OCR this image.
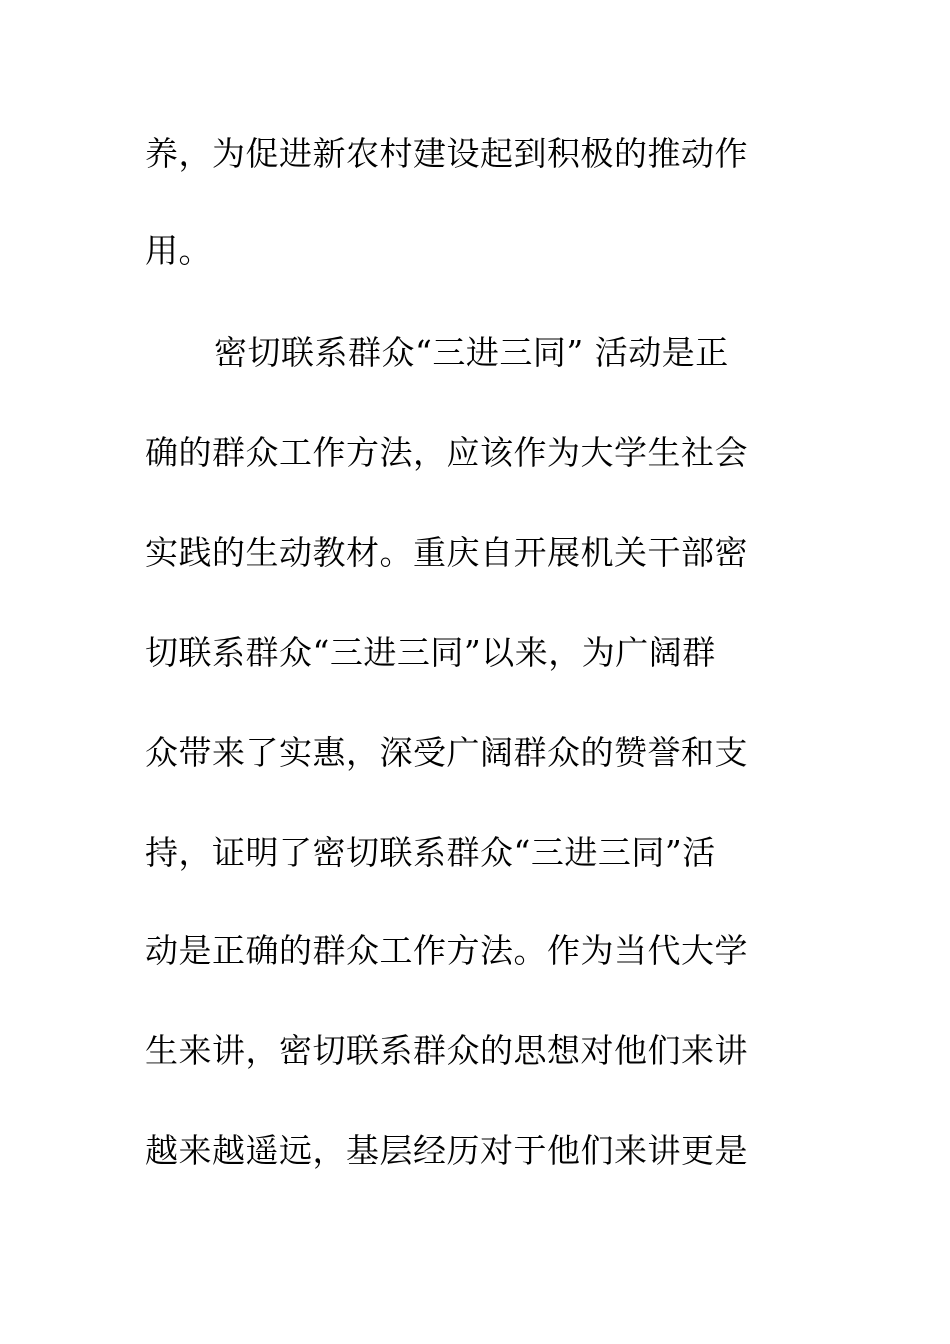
养，为促进新农村建设起到积极的推动作
用。
密切联系群众“三进三同” 活动是正
确的群众工作方法，应该作为大学生社会
实践的生动教材。重庆自开展机关干部密
切联系群众“三进三同”以来，为广阔群
众带来了实惠，深受广阔群众的赞誉和支
持，证明了密切联系群众“三进三同”活
动是正确的群众工作方法。作为当代大学
生来讲，密切联系群众的思想对他们来讲
越来越遥远，基层经历对于他们来讲更是
